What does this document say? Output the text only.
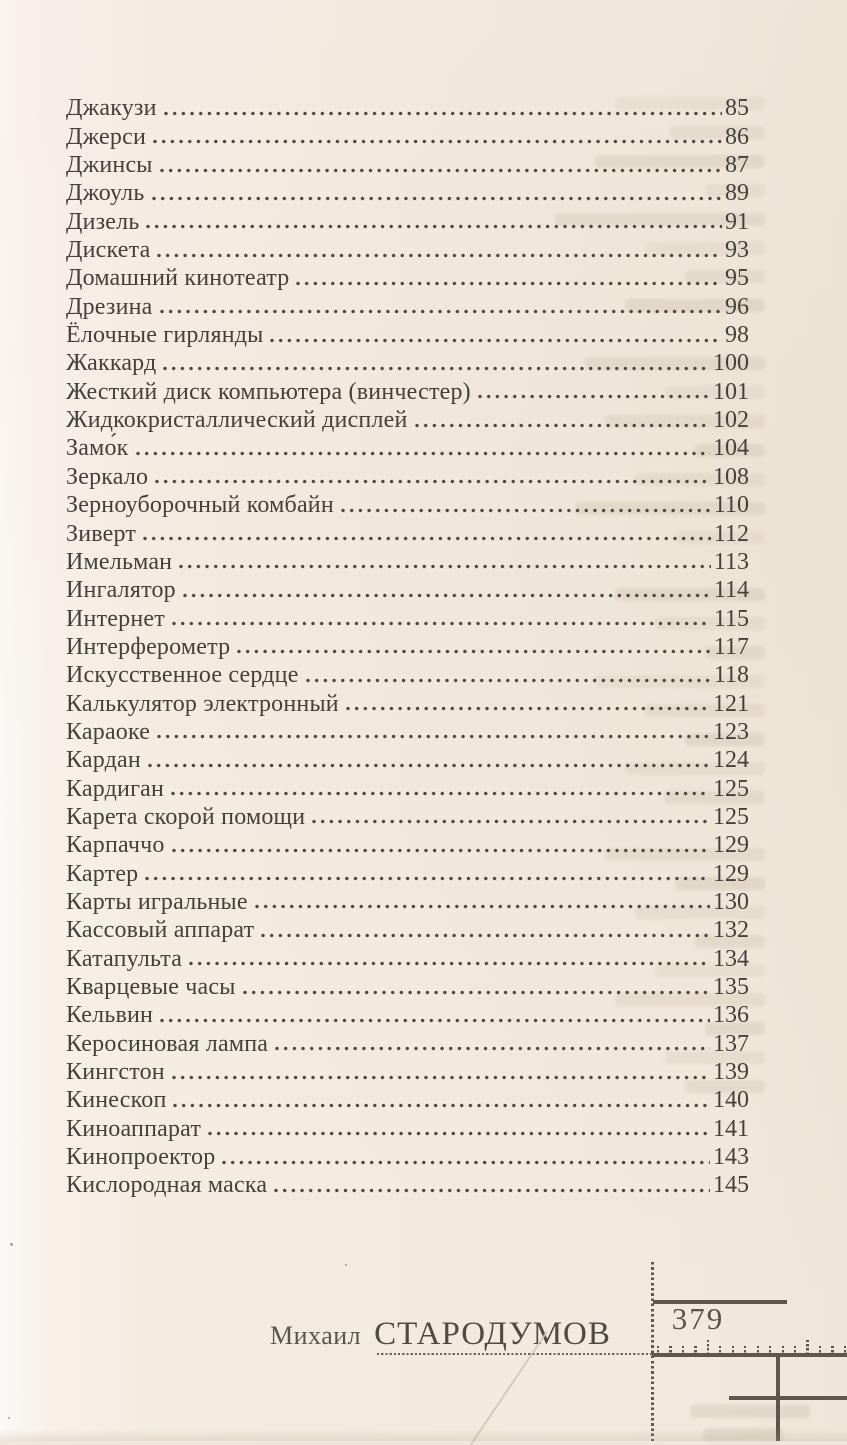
Джакузи	85
Джерси	86
Джинсы	87
Джоуль	89
Дизель	91
Дискета	93
Домашний кинотеатр	95
Дрезина	96
Ёлочные гирлянды	98
Жаккард	100
Жесткий диск компьютера (винчестер)	101
Жидкокристаллический дисплей	102
Замо́к	104
Зеркало	108
Зерноуборочный комбайн	110
Зиверт	112
Имельман	113
Ингалятор	114
Интернет	115
Интерферометр	117
Искусственное сердце	118
Калькулятор электронный	121
Караоке	123
Кардан	124
Кардиган	125
Карета скорой помощи	125
Карпаччо	129
Картер	129
Карты игральные	130
Кассовый аппарат	132
Катапульта	134
Кварцевые часы	135
Кельвин	136
Керосиновая лампа	137
Кингстон	139
Кинескоп	140
Киноаппарат	141
Кинопроектор	143
Кислородная маска	145
Михаил СТАРОДУМОВ	379
